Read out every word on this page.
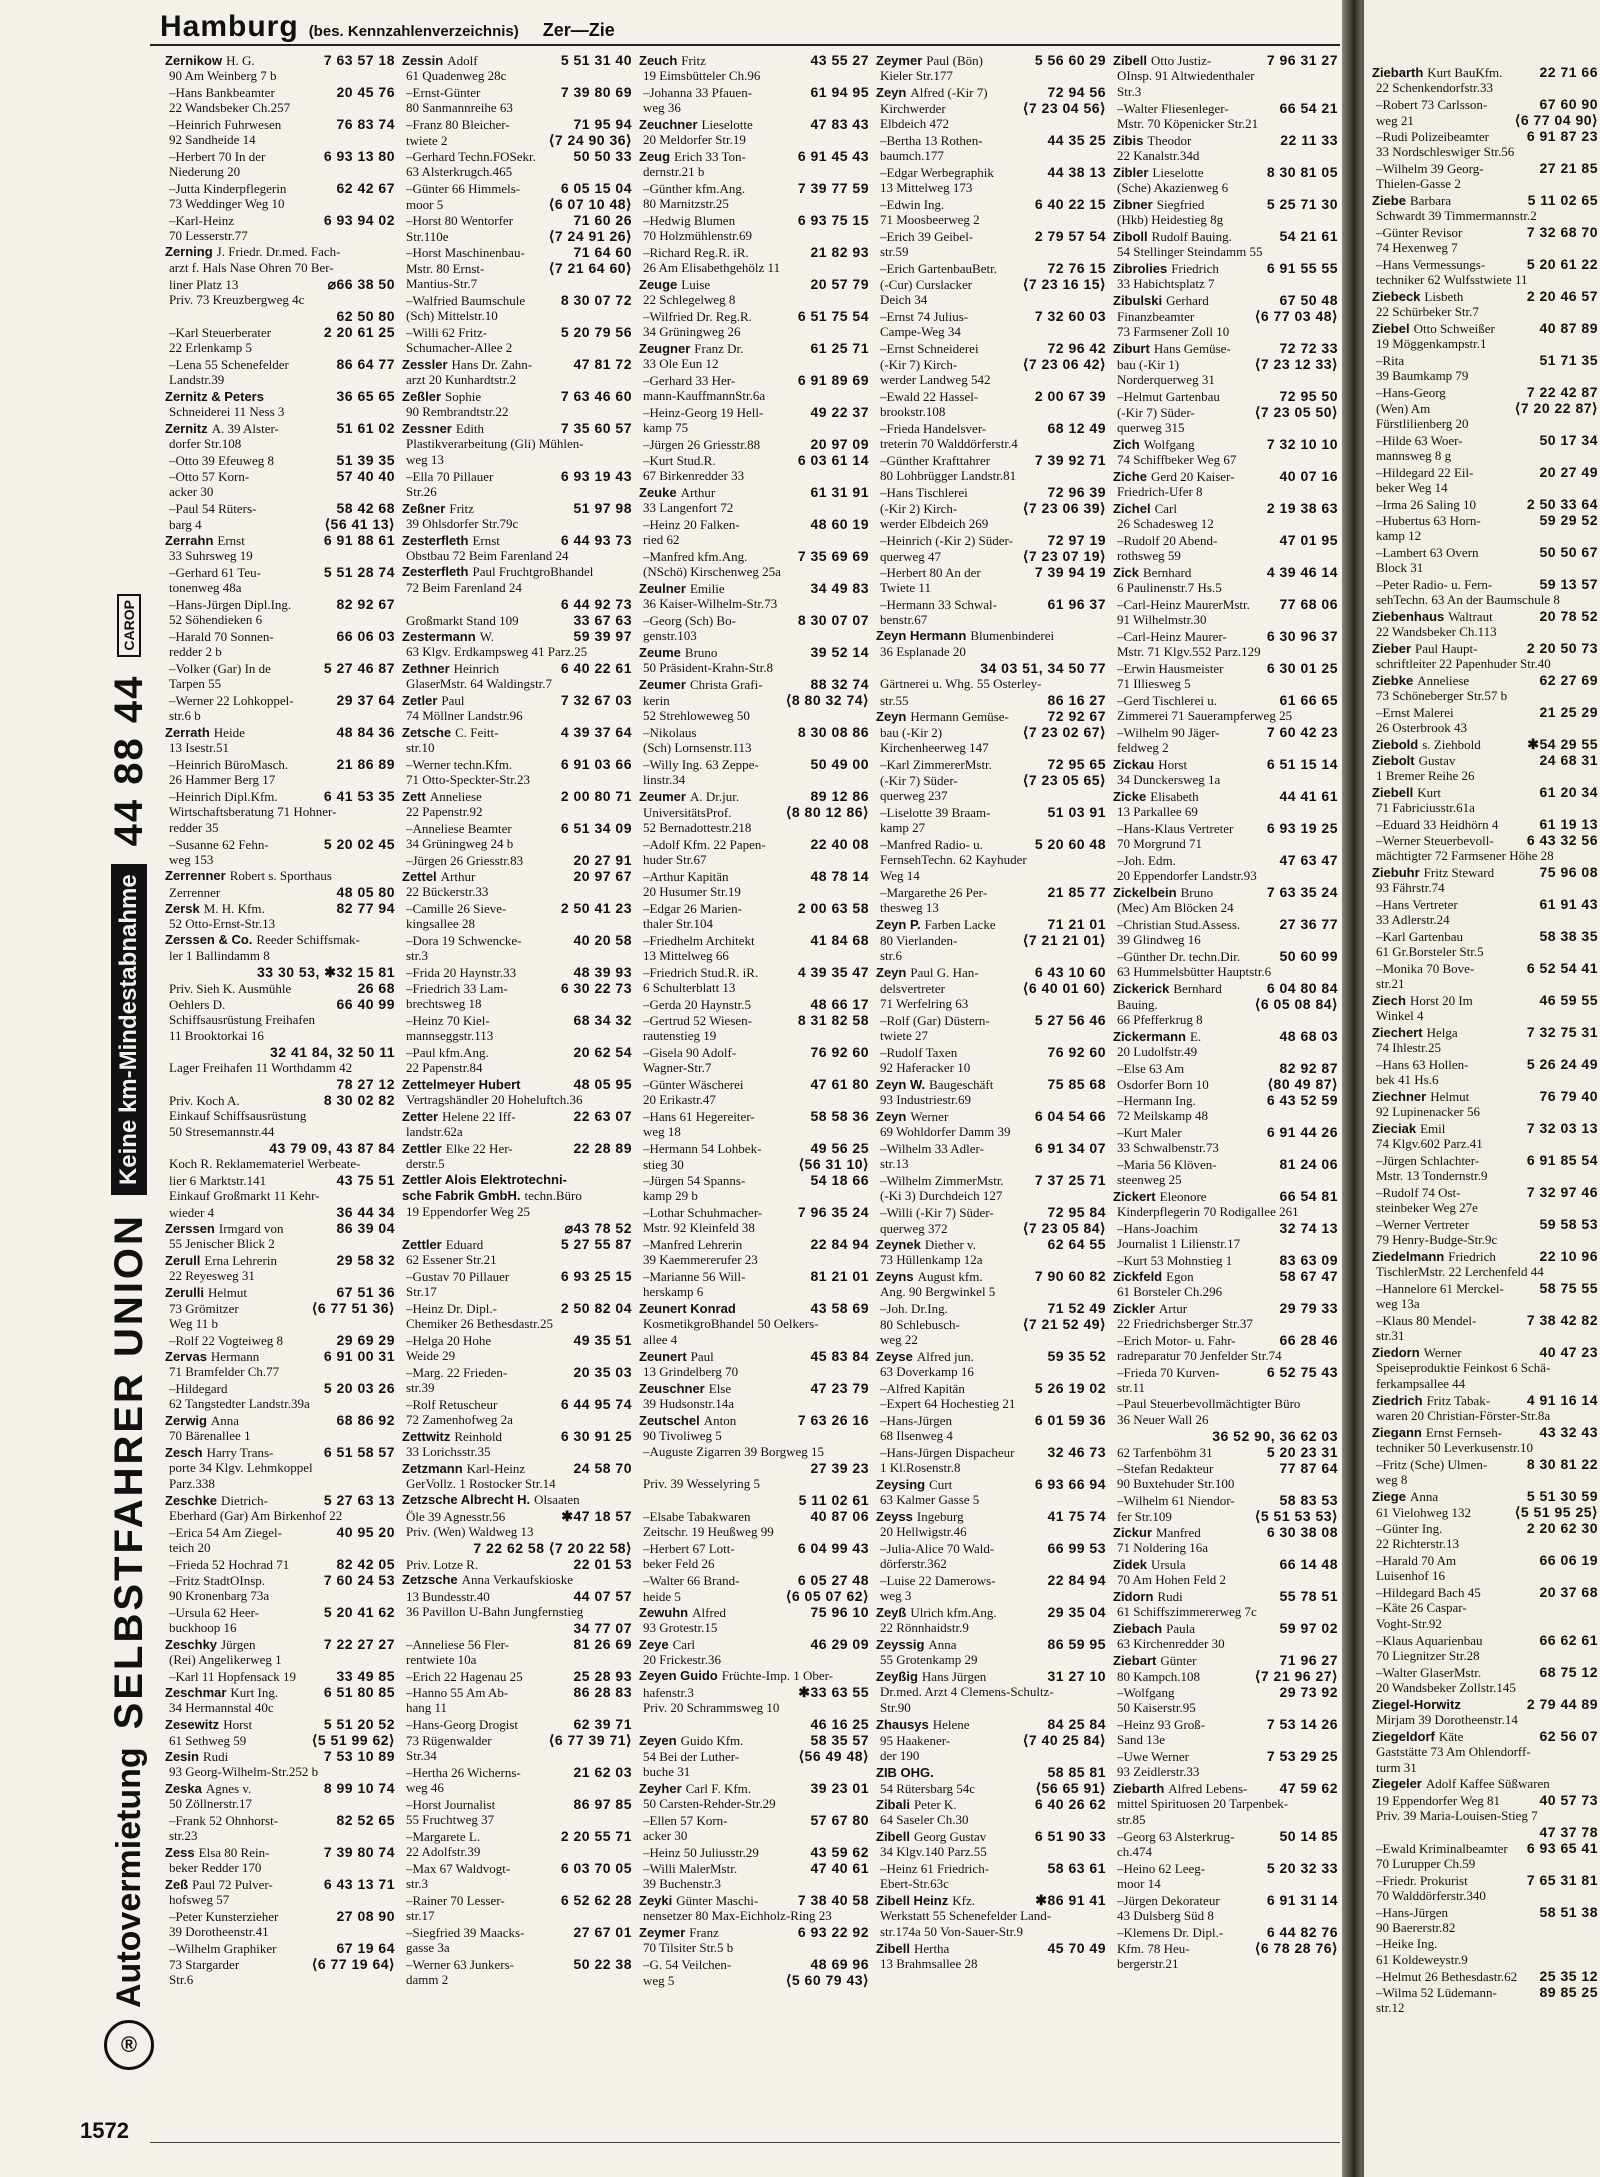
Hamburg (bes. Kennzahlenverzeichnis) Zer—Zie
®
Autovermietung
SELBSTFAHRER UNION
Keine km-Mindestabnahme
44 88 44
CAROP
Zernikow H. G.	7 63 57 18
90 Am Weinberg 7 b
–Hans Bankbeamter	20 45 76
22 Wandsbeker Ch.257
–Heinrich Fuhrwesen	76 83 74
92 Sandheide 14
–Herbert 70 In der	6 93 13 80
Niederung 20
–Jutta Kinderpflegerin	62 42 67
73 Weddinger Weg 10
–Karl-Heinz	6 93 94 02
70 Lesserstr.77
Zerning J. Friedr. Dr.med. Fach-
arzt f. Hals Nase Ohren 70 Ber-
liner Platz 13	⌀66 38 50
Priv. 73 Kreuzbergweg 4c
62 50 80
–Karl Steuerberater	2 20 61 25
22 Erlenkamp 5
–Lena 55 Schenefelder	86 64 77
Landstr.39
Zernitz & Peters	36 65 65
Schneiderei 11 Ness 3
Zernitz A. 39 Alster-	51 61 02
dorfer Str.108
–Otto 39 Efeuweg 8	51 39 35
–Otto 57 Korn-	57 40 40
acker 30
–Paul 54 Rüters-	58 42 68
barg 4	⟨56 41 13⟩
Zerrahn Ernst	6 91 88 61
33 Suhrsweg 19
–Gerhard 61 Teu-	5 51 28 74
tonenweg 48a
–Hans-Jürgen Dipl.Ing.	82 92 67
52 Söhendieken 6
–Harald 70 Sonnen-	66 06 03
redder 2 b
–Volker (Gar) In de	5 27 46 87
Tarpen 55
–Werner 22 Lohkoppel-	29 37 64
str.6 b
Zerrath Heide	48 84 36
13 Isestr.51
–Heinrich BüroMasch.	21 86 89
26 Hammer Berg 17
–Heinrich Dipl.Kfm.	6 41 53 35
Wirtschaftsberatung 71 Hohner-
redder 35
–Susanne 62 Fehn-	5 20 02 45
weg 153
Zerrenner Robert s. Sporthaus
Zerrenner	48 05 80
Zersk M. H. Kfm.	82 77 94
52 Otto-Ernst-Str.13
Zerssen & Co. Reeder Schiffsmak-
ler 1 Ballindamm 8
33 30 53, ✱32 15 81
Priv. Sieh K. Ausmühle	26 68
Oehlers D.	66 40 99
Schiffsausrüstung Freihafen
11 Brooktorkai 16
32 41 84, 32 50 11
Lager Freihafen 11 Worthdamm 42
78 27 12
Priv. Koch A.	8 30 02 82
Einkauf Schiffsausrüstung
50 Stresemannstr.44
43 79 09, 43 87 84
Koch R. Reklamemateriel Werbeate-
lier 6 Marktstr.141	43 75 51
Einkauf Großmarkt 11 Kehr-
wieder 4	36 44 34
Zerssen Irmgard von	86 39 04
55 Jenischer Blick 2
Zerull Erna Lehrerin	29 58 32
22 Reyesweg 31
Zerulli Helmut	67 51 36
73 Grömitzer	⟨6 77 51 36⟩
Weg 11 b
–Rolf 22 Vogteiweg 8	29 69 29
Zervas Hermann	6 91 00 31
71 Bramfelder Ch.77
–Hildegard	5 20 03 26
62 Tangstedter Landstr.39a
Zerwig Anna	68 86 92
70 Bärenallee 1
Zesch Harry Trans-	6 51 58 57
porte 34 Klgv. Lehmkoppel
Parz.338
Zeschke Dietrich-	5 27 63 13
Eberhard (Gar) Am Birkenhof 22
–Erica 54 Am Ziegel-	40 95 20
teich 20
–Frieda 52 Hochrad 71	82 42 05
–Fritz StadtOInsp.	7 60 24 53
90 Kronenbarg 73a
–Ursula 62 Heer-	5 20 41 62
buckhoop 16
Zeschky Jürgen	7 22 27 27
(Rei) Angelikerweg 1
–Karl 11 Hopfensack 19	33 49 85
Zeschmar Kurt Ing.	6 51 80 85
34 Hermannstal 40c
Zesewitz Horst	5 51 20 52
61 Sethweg 59	⟨5 51 99 62⟩
Zesin Rudi	7 53 10 89
93 Georg-Wilhelm-Str.252 b
Zeska Agnes v.	8 99 10 74
50 Zöllnerstr.17
–Frank 52 Ohnhorst-	82 52 65
str.23
Zess Elsa 80 Rein-	7 39 80 74
beker Redder 170
Zeß Paul 72 Pulver-	6 43 13 71
hofsweg 57
–Peter Kunsterzieher	27 08 90
39 Dorotheenstr.41
–Wilhelm Graphiker	67 19 64
73 Stargarder	⟨6 77 19 64⟩
Str.6
Zessin Adolf	5 51 31 40
61 Quadenweg 28c
–Ernst-Günter	7 39 80 69
80 Sanmannreihe 63
–Franz 80 Bleicher-	71 95 94
twiete 2	⟨7 24 90 36⟩
–Gerhard Techn.FOSekr.	50 50 33
63 Alsterkrugch.465
–Günter 66 Himmels-	6 05 15 04
moor 5	⟨6 07 10 48⟩
–Horst 80 Wentorfer	71 60 26
Str.110e	⟨7 24 91 26⟩
–Horst Maschinenbau-	71 64 60
Mstr. 80 Ernst-	⟨7 21 64 60⟩
Mantius-Str.7
–Walfried Baumschule	8 30 07 72
(Sch) Mittelstr.10
–Willi 62 Fritz-	5 20 79 56
Schumacher-Allee 2
Zessler Hans Dr. Zahn-	47 81 72
arzt 20 Kunhardtstr.2
Zeßler Sophie	7 63 46 60
90 Rembrandtstr.22
Zessner Edith	7 35 60 57
Plastikverarbeitung (Gli) Mühlen-
weg 13
–Ella 70 Pillauer	6 93 19 43
Str.26
Zeßner Fritz	51 97 98
39 Ohlsdorfer Str.79c
Zesterfleth Ernst	6 44 93 73
Obstbau 72 Beim Farenland 24
Zesterfleth Paul FruchtgroBhandel
72 Beim Farenland 24
6 44 92 73
Großmarkt Stand 109	33 67 63
Zestermann W.	59 39 97
63 Klgv. Erdkampsweg 41 Parz.25
Zethner Heinrich	6 40 22 61
GlaserMstr. 64 Waldingstr.7
Zetler Paul	7 32 67 03
74 Möllner Landstr.96
Zetsche C. Feitt-	4 39 37 64
str.10
–Werner techn.Kfm.	6 91 03 66
71 Otto-Speckter-Str.23
Zett Anneliese	2 00 80 71
22 Papenstr.92
–Anneliese Beamter	6 51 34 09
34 Grüningweg 24 b
–Jürgen 26 Griesstr.83	20 27 91
Zettel Arthur	20 97 67
22 Bückerstr.33
–Camille 26 Sieve-	2 50 41 23
kingsallee 28
–Dora 19 Schwencke-	40 20 58
str.3
–Frida 20 Haynstr.33	48 39 93
–Friedrich 33 Lam-	6 30 22 73
brechtsweg 18
–Heinz 70 Kiel-	68 34 32
mannseggstr.113
–Paul kfm.Ang.	20 62 54
22 Papenstr.84
Zettelmeyer Hubert	48 05 95
Vertragshändler 20 Hoheluftch.36
Zetter Helene 22 Iff-	22 63 07
landstr.62a
Zettler Elke 22 Her-	22 28 89
derstr.5
Zettler Alois Elektrotechni-
sche Fabrik GmbH. techn.Büro
19 Eppendorfer Weg 25
⌀43 78 52
Zettler Eduard	5 27 55 87
62 Essener Str.21
–Gustav 70 Pillauer	6 93 25 15
Str.17
–Heinz Dr. Dipl.-	2 50 82 04
Chemiker 26 Bethesdastr.25
–Helga 20 Hohe	49 35 51
Weide 29
–Marg. 22 Frieden-	20 35 03
str.39
–Rolf Retuscheur	6 44 95 74
72 Zamenhofweg 2a
Zettwitz Reinhold	6 30 91 25
33 Lorichsstr.35
Zetzmann Karl-Heinz	24 58 70
GerVollz. 1 Rostocker Str.14
Zetzsche Albrecht H. Olsaaten
Öle 39 Agnesstr.56	✱47 18 57
Priv. (Wen) Waldweg 13
7 22 62 58 ⟨7 20 22 58⟩
Priv. Lotze R.	22 01 53
Zetzsche Anna Verkaufskioske
13 Bundesstr.40	44 07 57
36 Pavillon U-Bahn Jungfernstieg
34 77 07
–Anneliese 56 Fler-	81 26 69
rentwiete 10a
–Erich 22 Hagenau 25	25 28 93
–Hanno 55 Am Ab-	86 28 83
hang 11
–Hans-Georg Drogist	62 39 71
73 Rügenwalder	⟨6 77 39 71⟩
Str.34
–Hertha 26 Wicherns-	21 62 03
weg 46
–Horst Journalist	86 97 85
55 Fruchtweg 37
–Margarete L.	2 20 55 71
22 Adolfstr.39
–Max 67 Waldvogt-	6 03 70 05
str.3
–Rainer 70 Lesser-	6 52 62 28
str.17
–Siegfried 39 Maacks-	27 67 01
gasse 3a
–Werner 63 Junkers-	50 22 38
damm 2
Zeuch Fritz	43 55 27
19 Eimsbütteler Ch.96
–Johanna 33 Pfauen-	61 94 95
weg 36
Zeuchner Lieselotte	47 83 43
20 Meldorfer Str.19
Zeug Erich 33 Ton-	6 91 45 43
dernstr.21 b
–Günther kfm.Ang.	7 39 77 59
80 Marnitzstr.25
–Hedwig Blumen	6 93 75 15
70 Holzmühlenstr.69
–Richard Reg.R. iR.	21 82 93
26 Am Elisabethgehölz 11
Zeuge Luise	20 57 79
22 Schlegelweg 8
–Wilfried Dr. Reg.R.	6 51 75 54
34 Grüningweg 26
Zeugner Franz Dr.	61 25 71
33 Ole Eun 12
–Gerhard 33 Her-	6 91 89 69
mann-KauffmannStr.6a
–Heinz-Georg 19 Hell-	49 22 37
kamp 75
–Jürgen 26 Griesstr.88	20 97 09
–Kurt Stud.R.	6 03 61 14
67 Birkenredder 33
Zeuke Arthur	61 31 91
33 Langenfort 72
–Heinz 20 Falken-	48 60 19
ried 62
–Manfred kfm.Ang.	7 35 69 69
(NSchö) Kirschenweg 25a
Zeulner Emilie	34 49 83
36 Kaiser-Wilhelm-Str.73
–Georg (Sch) Bo-	8 30 07 07
genstr.103
Zeume Bruno	39 52 14
50 Präsident-Krahn-Str.8
Zeumer Christa Grafi-	88 32 74
kerin	⟨8 80 32 74⟩
52 Strehloweweg 50
–Nikolaus	8 30 08 86
(Sch) Lornsenstr.113
–Willy Ing. 63 Zeppe-	50 49 00
linstr.34
Zeumer A. Dr.jur.	89 12 86
UniversitätsProf.	⟨8 80 12 86⟩
52 Bernadottestr.218
–Adolf Kfm. 22 Papen-	22 40 08
huder Str.67
–Arthur Kapitän	48 78 14
20 Husumer Str.19
–Edgar 26 Marien-	2 00 63 58
thaler Str.104
–Friedhelm Architekt	41 84 68
13 Mittelweg 66
–Friedrich Stud.R. iR.	4 39 35 47
6 Schulterblatt 13
–Gerda 20 Haynstr.5	48 66 17
–Gertrud 52 Wiesen-	8 31 82 58
rautenstieg 19
–Gisela 90 Adolf-	76 92 60
Wagner-Str.7
–Günter Wäscherei	47 61 80
20 Erikastr.47
–Hans 61 Hegereiter-	58 58 36
weg 18
–Hermann 54 Lohbek-	49 56 25
stieg 30	⟨56 31 10⟩
–Jürgen 54 Spanns-	54 18 66
kamp 29 b
–Lothar Schuhmacher-	7 96 35 24
Mstr. 92 Kleinfeld 38
–Manfred Lehrerin	22 84 94
39 Kaemmererufer 23
–Marianne 56 Will-	81 21 01
herskamp 6
Zeunert Konrad	43 58 69
KosmetikgroBhandel 50 Oelkers-
allee 4
Zeunert Paul	45 83 84
13 Grindelberg 70
Zeuschner Else	47 23 79
39 Hudsonstr.14a
Zeutschel Anton	7 63 26 16
90 Tivoliweg 5
–Auguste Zigarren 39 Borgweg 15
27 39 23
Priv. 39 Wesselyring 5
5 11 02 61
–Elsabe Tabakwaren	40 87 06
Zeitschr. 19 Heußweg 99
–Herbert 67 Lott-	6 04 99 43
beker Feld 26
–Walter 66 Brand-	6 05 27 48
heide 5	⟨6 05 07 62⟩
Zewuhn Alfred	75 96 10
93 Grotestr.15
Zeye Carl	46 29 09
20 Frickestr.36
Zeyen Guido Früchte-Imp. 1 Ober-
hafenstr.3	✱33 63 55
Priv. 20 Schrammsweg 10
46 16 25
Zeyen Guido Kfm.	58 35 57
54 Bei der Luther-	⟨56 49 48⟩
buche 31
Zeyher Carl F. Kfm.	39 23 01
50 Carsten-Rehder-Str.29
–Ellen 57 Korn-	57 67 80
acker 30
–Heinz 50 Juliusstr.29	43 59 62
–Willi MalerMstr.	47 40 61
39 Buchenstr.3
Zeyki Günter Maschi-	7 38 40 58
nensetzer 80 Max-Eichholz-Ring 23
Zeymer Franz	6 93 22 92
70 Tilsiter Str.5 b
–G. 54 Veilchen-	48 69 96
weg 5	⟨5 60 79 43⟩
Zeymer Paul (Bön)	5 56 60 29
Kieler Str.177
Zeyn Alfred (-Kir 7)	72 94 56
Kirchwerder	⟨7 23 04 56⟩
Elbdeich 472
–Bertha 13 Rothen-	44 35 25
baumch.177
–Edgar Werbegraphik	44 38 13
13 Mittelweg 173
–Edwin Ing.	6 40 22 15
71 Moosbeerweg 2
–Erich 39 Geibel-	2 79 57 54
str.59
–Erich GartenbauBetr.	72 76 15
(-Cur) Curslacker	⟨7 23 16 15⟩
Deich 34
–Ernst 74 Julius-	7 32 60 03
Campe-Weg 34
–Ernst Schneiderei	72 96 42
(-Kir 7) Kirch-	⟨7 23 06 42⟩
werder Landweg 542
–Ewald 22 Hassel-	2 00 67 39
brookstr.108
–Frieda Handelsver-	68 12 49
treterin 70 Walddörferstr.4
–Günther Krafttahrer	7 39 92 71
80 Lohbrügger Landstr.81
–Hans Tischlerei	72 96 39
(-Kir 2) Kirch-	⟨7 23 06 39⟩
werder Elbdeich 269
–Heinrich (-Kir 2) Süder-	72 97 19
querweg 47	⟨7 23 07 19⟩
–Herbert 80 An der	7 39 94 19
Twiete 11
–Hermann 33 Schwal-	61 96 37
benstr.67
Zeyn Hermann Blumenbinderei
36 Esplanade 20
34 03 51, 34 50 77
Gärtnerei u. Whg. 55 Osterley-
str.55	86 16 27
Zeyn Hermann Gemüse-	72 92 67
bau (-Kir 2)	⟨7 23 02 67⟩
Kirchenheerweg 147
–Karl ZimmererMstr.	72 95 65
(-Kir 7) Süder-	⟨7 23 05 65⟩
querweg 237
–Liselotte 39 Braam-	51 03 91
kamp 27
–Manfred Radio- u.	5 20 60 48
FernsehTechn. 62 Kayhuder
Weg 14
–Margarethe 26 Per-	21 85 77
thesweg 13
Zeyn P. Farben Lacke	71 21 01
80 Vierlanden-	⟨7 21 21 01⟩
str.6
Zeyn Paul G. Han-	6 43 10 60
delsvertreter	⟨6 40 01 60⟩
71 Werfelring 63
–Rolf (Gar) Düstern-	5 27 56 46
twiete 27
–Rudolf Taxen	76 92 60
92 Haferacker 10
Zeyn W. Baugeschäft	75 85 68
93 Industriestr.69
Zeyn Werner	6 04 54 66
69 Wohldorfer Damm 39
–Wilhelm 33 Adler-	6 91 34 07
str.13
–Wilhelm ZimmerMstr.	7 37 25 71
(-Ki 3) Durchdeich 127
–Willi (-Kir 7) Süder-	72 95 84
querweg 372	⟨7 23 05 84⟩
Zeynek Diether v.	62 64 55
73 Hüllenkamp 12a
Zeyns August kfm.	7 90 60 82
Ang. 90 Bergwinkel 5
–Joh. Dr.Ing.	71 52 49
80 Schlebusch-	⟨7 21 52 49⟩
weg 22
Zeyse Alfred jun.	59 35 52
63 Doverkamp 16
–Alfred Kapitän	5 26 19 02
–Expert 64 Hochestieg 21
–Hans-Jürgen	6 01 59 36
68 Ilsenweg 4
–Hans-Jürgen Dispacheur	32 46 73
1 Kl.Rosenstr.8
Zeysing Curt	6 93 66 94
63 Kalmer Gasse 5
Zeyss Ingeburg	41 75 74
20 Hellwigstr.46
–Julia-Alice 70 Wald-	66 99 53
dörferstr.362
–Luise 22 Damerows-	22 84 94
weg 3
Zeyß Ulrich kfm.Ang.	29 35 04
22 Rönnhaidstr.9
Zeyssig Anna	86 59 95
55 Grotenkamp 29
Zeyßig Hans Jürgen	31 27 10
Dr.med. Arzt 4 Clemens-Schultz-
Str.90
Zhausys Helene	84 25 84
95 Haakener-	⟨7 40 25 84⟩
der 190
ZIB OHG.	58 85 81
54 Rütersbarg 54c	⟨56 65 91⟩
Zibali Peter K.	6 40 26 62
64 Saseler Ch.30
Zibell Georg Gustav	6 51 90 33
34 Klgv.140 Parz.55
–Heinz 61 Friedrich-	58 63 61
Ebert-Str.63c
Zibell Heinz Kfz.	✱86 91 41
Werkstatt 55 Schenefelder Land-
str.174a 50 Von-Sauer-Str.9
Zibell Hertha	45 70 49
13 Brahmsallee 28
Zibell Otto Justiz-	7 96 31 27
OInsp. 91 Altwiedenthaler
Str.3
–Walter Fliesenleger-	66 54 21
Mstr. 70 Köpenicker Str.21
Zibis Theodor	22 11 33
22 Kanalstr.34d
Zibler Lieselotte	8 30 81 05
(Sche) Akazienweg 6
Zibner Siegfried	5 25 71 30
(Hkb) Heidestieg 8g
Ziboll Rudolf Bauing.	54 21 61
54 Stellinger Steindamm 55
Zibrolies Friedrich	6 91 55 55
33 Habichtsplatz 7
Zibulski Gerhard	67 50 48
Finanzbeamter	⟨6 77 03 48⟩
73 Farmsener Zoll 10
Ziburt Hans Gemüse-	72 72 33
bau (-Kir 1)	⟨7 23 12 33⟩
Norderquerweg 31
–Helmut Gartenbau	72 95 50
(-Kir 7) Süder-	⟨7 23 05 50⟩
querweg 315
Zich Wolfgang	7 32 10 10
74 Schiffbeker Weg 67
Ziche Gerd 20 Kaiser-	40 07 16
Friedrich-Ufer 8
Zichel Carl	2 19 38 63
26 Schadesweg 12
–Rudolf 20 Abend-	47 01 95
rothsweg 59
Zick Bernhard	4 39 46 14
6 Paulinenstr.7 Hs.5
–Carl-Heinz MaurerMstr.	77 68 06
91 Wilhelmstr.30
–Carl-Heinz Maurer-	6 30 96 37
Mstr. 71 Klgv.552 Parz.129
–Erwin Hausmeister	6 30 01 25
71 Illiesweg 5
–Gerd Tischlerei u.	61 66 65
Zimmerei 71 Sauerampferweg 25
–Wilhelm 90 Jäger-	7 60 42 23
feldweg 2
Zickau Horst	6 51 15 14
34 Dunckersweg 1a
Zicke Elisabeth	44 41 61
13 Parkallee 69
–Hans-Klaus Vertreter	6 93 19 25
70 Morgrund 71
–Joh. Edm.	47 63 47
20 Eppendorfer Landstr.93
Zickelbein Bruno	7 63 35 24
(Mec) Am Blöcken 24
–Christian Stud.Assess.	27 36 77
39 Glindweg 16
–Günther Dr. techn.Dir.	50 60 99
63 Hummelsbütter Hauptstr.6
Zickerick Bernhard	6 04 80 84
Bauing.	⟨6 05 08 84⟩
66 Pfefferkrug 8
Zickermann E.	48 68 03
20 Ludolfstr.49
–Else 63 Am	82 92 87
Osdorfer Born 10	⟨80 49 87⟩
–Hermann Ing.	6 43 52 59
72 Meilskamp 48
–Kurt Maler	6 91 44 26
33 Schwalbenstr.73
–Maria 56 Klöven-	81 24 06
steenweg 25
Zickert Eleonore	66 54 81
Kinderpflegerin 70 Rodigallee 261
–Hans-Joachim	32 74 13
Journalist 1 Lilienstr.17
–Kurt 53 Mohnstieg 1	83 63 09
Zickfeld Egon	58 67 47
61 Borsteler Ch.296
Zickler Artur	29 79 33
22 Friedrichsberger Str.37
–Erich Motor- u. Fahr-	66 28 46
radreparatur 70 Jenfelder Str.74
–Frieda 70 Kurven-	6 52 75 43
str.11
–Paul Steuerbevollmächtigter Büro
36 Neuer Wall 26
36 52 90, 36 62 03
62 Tarfenböhm 31	5 20 23 31
–Stefan Redakteur	77 87 64
90 Buxtehuder Str.100
–Wilhelm 61 Niendor-	58 83 53
fer Str.109	⟨5 51 53 53⟩
Zickur Manfred	6 30 38 08
71 Noldering 16a
Zidek Ursula	66 14 48
70 Am Hohen Feld 2
Zidorn Rudi	55 78 51
61 Schiffszimmererweg 7c
Ziebach Paula	59 97 02
63 Kirchenredder 30
Ziebart Günter	71 96 27
80 Kampch.108	⟨7 21 96 27⟩
–Wolfgang	29 73 92
50 Kaiserstr.95
–Heinz 93 Groß-	7 53 14 26
Sand 13e
–Uwe Werner	7 53 29 25
93 Zeidlerstr.33
Ziebarth Alfred Lebens-	47 59 62
mittel Spirituosen 20 Tarpenbek-
str.85
–Georg 63 Alsterkrug-	50 14 85
ch.474
–Heino 62 Leeg-	5 20 32 33
moor 14
–Jürgen Dekorateur	6 91 31 14
43 Dulsberg Süd 8
–Klemens Dr. Dipl.-	6 44 82 76
Kfm. 78 Heu-	⟨6 78 28 76⟩
bergerstr.21
1572
Ziebarth Kurt BauKfm.	22 71 66
22 Schenkendorfstr.33
–Robert 73 Carlsson-	67 60 90
weg 21	⟨6 77 04 90⟩
–Rudi Polizeibeamter	6 91 87 23
33 Nordschleswiger Str.56
–Wilhelm 39 Georg-	27 21 85
Thielen-Gasse 2
Ziebe Barbara	5 11 02 65
Schwardt 39 Timmermannstr.2
–Günter Revisor	7 32 68 70
74 Hexenweg 7
–Hans Vermessungs-	5 20 61 22
techniker 62 Wulfsstwiete 11
Ziebeck Lisbeth	2 20 46 57
22 Schürbeker Str.7
Ziebel Otto Schweißer	40 87 89
19 Möggenkampstr.1
–Rita	51 71 35
39 Baumkamp 79
–Hans-Georg	7 22 42 87
(Wen) Am	⟨7 20 22 87⟩
Fürstlilienberg 20
–Hilde 63 Woer-	50 17 34
mannsweg 8 g
–Hildegard 22 Eil-	20 27 49
beker Weg 14
–Irma 26 Saling 10	2 50 33 64
–Hubertus 63 Horn-	59 29 52
kamp 12
–Lambert 63 Overn	50 50 67
Block 31
–Peter Radio- u. Fern-	59 13 57
sehTechn. 63 An der Baumschule 8
Ziebenhaus Waltraut	20 78 52
22 Wandsbeker Ch.113
Zieber Paul Haupt-	2 20 50 73
schriftleiter 22 Papenhuder Str.40
Ziebke Anneliese	62 27 69
73 Schöneberger Str.57 b
–Ernst Malerei	21 25 29
26 Osterbrook 43
Ziebold s. Ziehbold	✱54 29 55
Ziebolt Gustav	24 68 31
1 Bremer Reihe 26
Ziebell Kurt	61 20 34
71 Fabriciusstr.61a
–Eduard 33 Heidhörn 4	61 19 13
–Werner Steuerbevoll-	6 43 32 56
mächtigter 72 Farmsener Höhe 28
Ziebuhr Fritz Steward	75 96 08
93 Fährstr.74
–Hans Vertreter	61 91 43
33 Adlerstr.24
–Karl Gartenbau	58 38 35
61 Gr.Borsteler Str.5
–Monika 70 Bove-	6 52 54 41
str.21
Ziech Horst 20 Im	46 59 55
Winkel 4
Ziechert Helga	7 32 75 31
74 Ihlestr.25
–Hans 63 Hollen-	5 26 24 49
bek 41 Hs.6
Ziechner Helmut	76 79 40
92 Lupinenacker 56
Zieciak Emil	7 32 03 13
74 Klgv.602 Parz.41
–Jürgen Schlachter-	6 91 85 54
Mstr. 13 Tondernstr.9
–Rudolf 74 Ost-	7 32 97 46
steinbeker Weg 27e
–Werner Vertreter	59 58 53
79 Henry-Budge-Str.9c
Ziedelmann Friedrich	22 10 96
TischlerMstr. 22 Lerchenfeld 44
–Hannelore 61 Merckel-	58 75 55
weg 13a
–Klaus 80 Mendel-	7 38 42 82
str.31
Ziedorn Werner	40 47 23
Speiseproduktie Feinkost 6 Schä-
ferkampsallee 44
Ziedrich Fritz Tabak-	4 91 16 14
waren 20 Christian-Förster-Str.8a
Ziegann Ernst Fernseh-	43 32 43
techniker 50 Leverkusenstr.10
–Fritz (Sche) Ulmen-	8 30 81 22
weg 8
Ziege Anna	5 51 30 59
61 Vielohweg 132	⟨5 51 95 25⟩
–Günter Ing.	2 20 62 30
22 Richterstr.13
–Harald 70 Am	66 06 19
Luisenhof 16
–Hildegard Bach 45	20 37 68
–Käte 26 Caspar-
Voght-Str.92
–Klaus Aquarienbau	66 62 61
70 Liegnitzer Str.28
–Walter GlaserMstr.	68 75 12
20 Wandsbeker Zollstr.145
Ziegel-Horwitz	2 79 44 89
Mirjam 39 Dorotheenstr.14
Ziegeldorf Käte	62 56 07
Gaststätte 73 Am Ohlendorff-
turm 31
Ziegeler Adolf Kaffee Süßwaren
19 Eppendorfer Weg 81	40 57 73
Priv. 39 Maria-Louisen-Stieg 7
47 37 78
–Ewald Kriminalbeamter	6 93 65 41
70 Lurupper Ch.59
–Friedr. Prokurist	7 65 31 81
70 Walddörferstr.340
–Hans-Jürgen	58 51 38
90 Baererstr.82
–Heike Ing.
61 Koldeweystr.9
–Helmut 26 Bethesdastr.62	25 35 12
–Wilma 52 Lüdemann-	89 85 25
str.12
